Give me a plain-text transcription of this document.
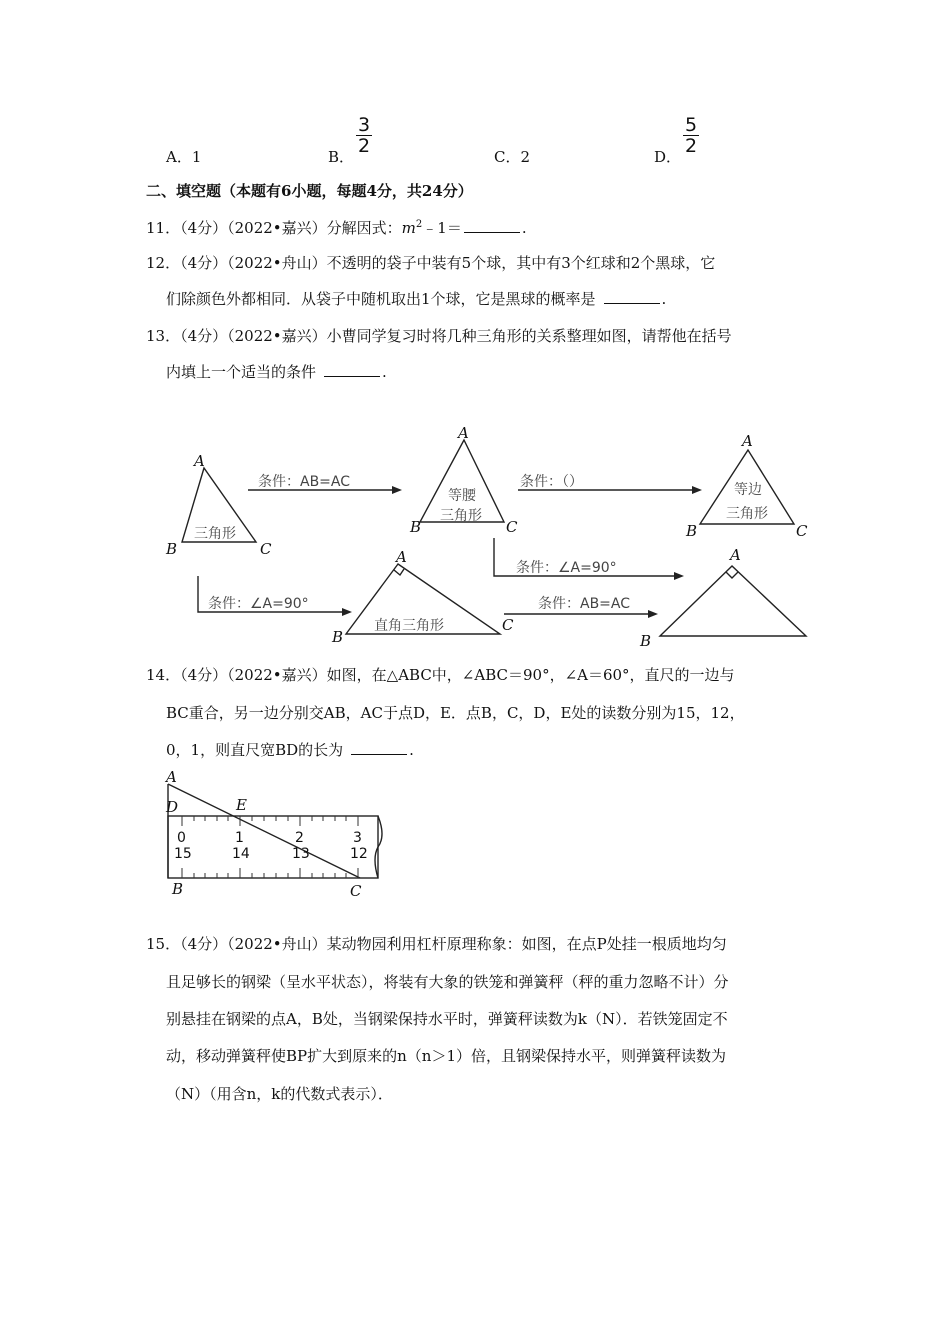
A．1	B．
3
2	C．2	D．
5
2
二、填空题（本题有6小题，每题4分，共24分）
11．（4分）（2022•嘉兴）分解因式：$m^2﹣1=$	.
12．（4分）（2022•舟山）不透明的袋子中装有5个球，其中有3个红球和2个黑球，它
们除颜色外都相同．从袋子中随机取出1个球，它是黑球的概率是	.
13．（4分）（2022•嘉兴）小曹同学复习时将几种三角形的关系整理如图，请帮他在括号
内填上一个适当的条件	.
三角形
等腰
三角形
等边
三角形
直角三角形
条件：AB=AC	条件：（）
条件：∠A=90°
条件：∠A=90°	条件：AB=AC
A
B	C
A
B	C
A
B	C
A
B
C
A
B
14．（4分）（2022•嘉兴）如图，在△ABC中，∠ABC＝90°，∠A＝60°，直尺的一边与
BC重合，另一边分别交AB，AC于点D，E．点B，C，D，E处的读数分别为15，12，
0，1，则直尺宽BD的长为	.
0	1	2	3
15	14	13	12
A
D	E
B	C
15．（4分）（2022•舟山）某动物园利用杠杆原理称象：如图，在点P处挂一根质地均匀
且足够长的钢梁（呈水平状态），将装有大象的铁笼和弹簧秤（秤的重力忽略不计）分
别悬挂在钢梁的点A，B处，当钢梁保持水平时，弹簧秤读数为k（N）．若铁笼固定不
动，移动弹簧秤使BP扩大到原来的n（n＞1）倍，且钢梁保持水平，则弹簧秤读数为
（N）（用含n，k的代数式表示）．
